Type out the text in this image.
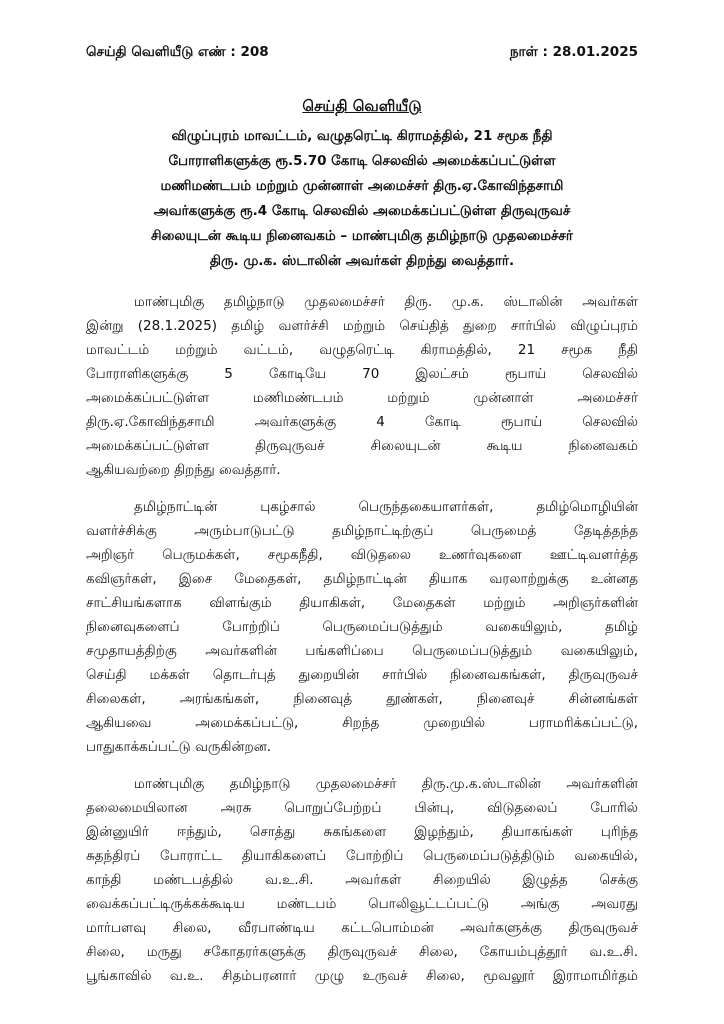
செய்தி வெளியீடு எண் : 208	நாள் : 28.01.2025
செய்தி வெளியீடு
விழுப்புரம் மாவட்டம், வழுதரெட்டி கிராமத்தில், 21 சமூக நீதி
போராளிகளுக்கு ரூ.5.70 கோடி செலவில் அமைக்கப்பட்டுள்ள
மணிமண்டபம் மற்றும் முன்னாள் அமைச்சர் திரு.ஏ.கோவிந்தசாமி
அவர்களுக்கு ரூ.4 கோடி செலவில் அமைக்கப்பட்டுள்ள திருவுருவச்
சிலையுடன் கூடிய நினைவகம் – மாண்புமிகு தமிழ்நாடு முதலமைச்சர்
திரு. மு.க. ஸ்டாலின் அவர்கள் திறந்து வைத்தார்.
மாண்புமிகு தமிழ்நாடு முதலமைச்சர் திரு. மு.க. ஸ்டாலின் அவர்கள்
இன்று (28.1.2025) தமிழ் வளர்ச்சி மற்றும் செய்தித் துறை சார்பில் விழுப்புரம்
மாவட்டம் மற்றும் வட்டம், வழுதரெட்டி கிராமத்தில், 21 சமூக நீதி
போராளிகளுக்கு 5 கோடியே 70 இலட்சம் ரூபாய் செலவில்
அமைக்கப்பட்டுள்ள மணிமண்டபம் மற்றும் முன்னாள் அமைச்சர்
திரு.ஏ.கோவிந்தசாமி அவர்களுக்கு 4 கோடி ரூபாய் செலவில்
அமைக்கப்பட்டுள்ள திருவுருவச் சிலையுடன் கூடிய நினைவகம்
ஆகியவற்றை திறந்து வைத்தார்.
தமிழ்நாட்டின் புகழ்சால் பெருந்தகையாளர்கள், தமிழ்மொழியின்
வளர்ச்சிக்கு அரும்பாடுபட்டு தமிழ்நாட்டிற்குப் பெருமைத் தேடித்தந்த
அறிஞர் பெருமக்கள், சமூகநீதி, விடுதலை உணர்வுகளை ஊட்டிவளர்த்த
கவிஞர்கள், இசை மேதைகள், தமிழ்நாட்டின் தியாக வரலாற்றுக்கு உன்னத
சாட்சியங்களாக விளங்கும் தியாகிகள், மேதைகள் மற்றும் அறிஞர்களின்
நினைவுகளைப் போற்றிப் பெருமைப்படுத்தும் வகையிலும், தமிழ்
சமுதாயத்திற்கு அவர்களின் பங்களிப்பை பெருமைப்படுத்தும் வகையிலும்,
செய்தி மக்கள் தொடர்புத் துறையின் சார்பில் நினைவகங்கள், திருவுருவச்
சிலைகள், அரங்கங்கள், நினைவுத் தூண்கள், நினைவுச் சின்னங்கள்
ஆகியவை அமைக்கப்பட்டு, சிறந்த முறையில் பராமரிக்கப்பட்டு,
பாதுகாக்கப்பட்டு வருகின்றன.
மாண்புமிகு தமிழ்நாடு முதலமைச்சர் திரு.மு.க.ஸ்டாலின் அவர்களின்
தலைமையிலான அரசு பொறுப்பேற்றப் பின்பு, விடுதலைப் போரில்
இன்னுயிர் ஈந்தும், சொத்து சுகங்களை இழந்தும், தியாகங்கள் புரிந்த
சுதந்திரப் போராட்ட தியாகிகளைப் போற்றிப் பெருமைப்படுத்திடும் வகையில்,
காந்தி மண்டபத்தில் வ.உ.சி. அவர்கள் சிறையில் இழுத்த செக்கு
வைக்கப்பட்டிருக்கக்கூடிய மண்டபம் பொலிவூட்டப்பட்டு அங்கு அவரது
மார்பளவு சிலை, வீரபாண்டிய கட்டபொம்மன் அவர்களுக்கு திருவுருவச்
சிலை, மருது சகோதரர்களுக்கு திருவுருவச் சிலை, கோயம்புத்தூர் வ.உ.சி.
பூங்காவில் வ.உ. சிதம்பரனார் முழு உருவச் சிலை, மூவலூர் இராமாமிர்தம்
